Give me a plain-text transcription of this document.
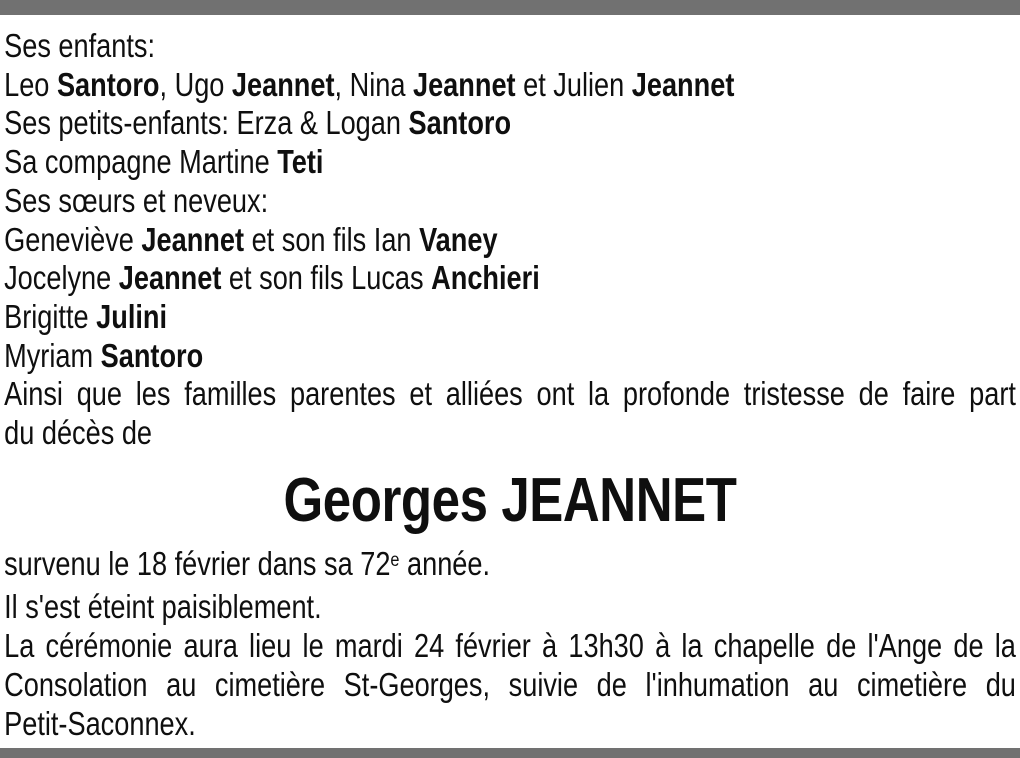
Ses enfants:
Leo Santoro, Ugo Jeannet, Nina Jeannet et Julien Jeannet
Ses petits-enfants: Erza & Logan Santoro
Sa compagne Martine Teti
Ses sœurs et neveux:
Geneviève Jeannet et son fils Ian Vaney
Jocelyne Jeannet et son fils Lucas Anchieri
Brigitte Julini
Myriam Santoro
Ainsi que les familles parentes et alliées ont la profonde tristesse de faire part
du décès de
Georges JEANNET
survenu le 18 février dans sa 72e année.
Il s'est éteint paisiblement.
La cérémonie aura lieu le mardi 24 février à 13h30 à la chapelle de l'Ange de la
Consolation au cimetière St-Georges, suivie de l'inhumation au cimetière du
Petit-Saconnex.
